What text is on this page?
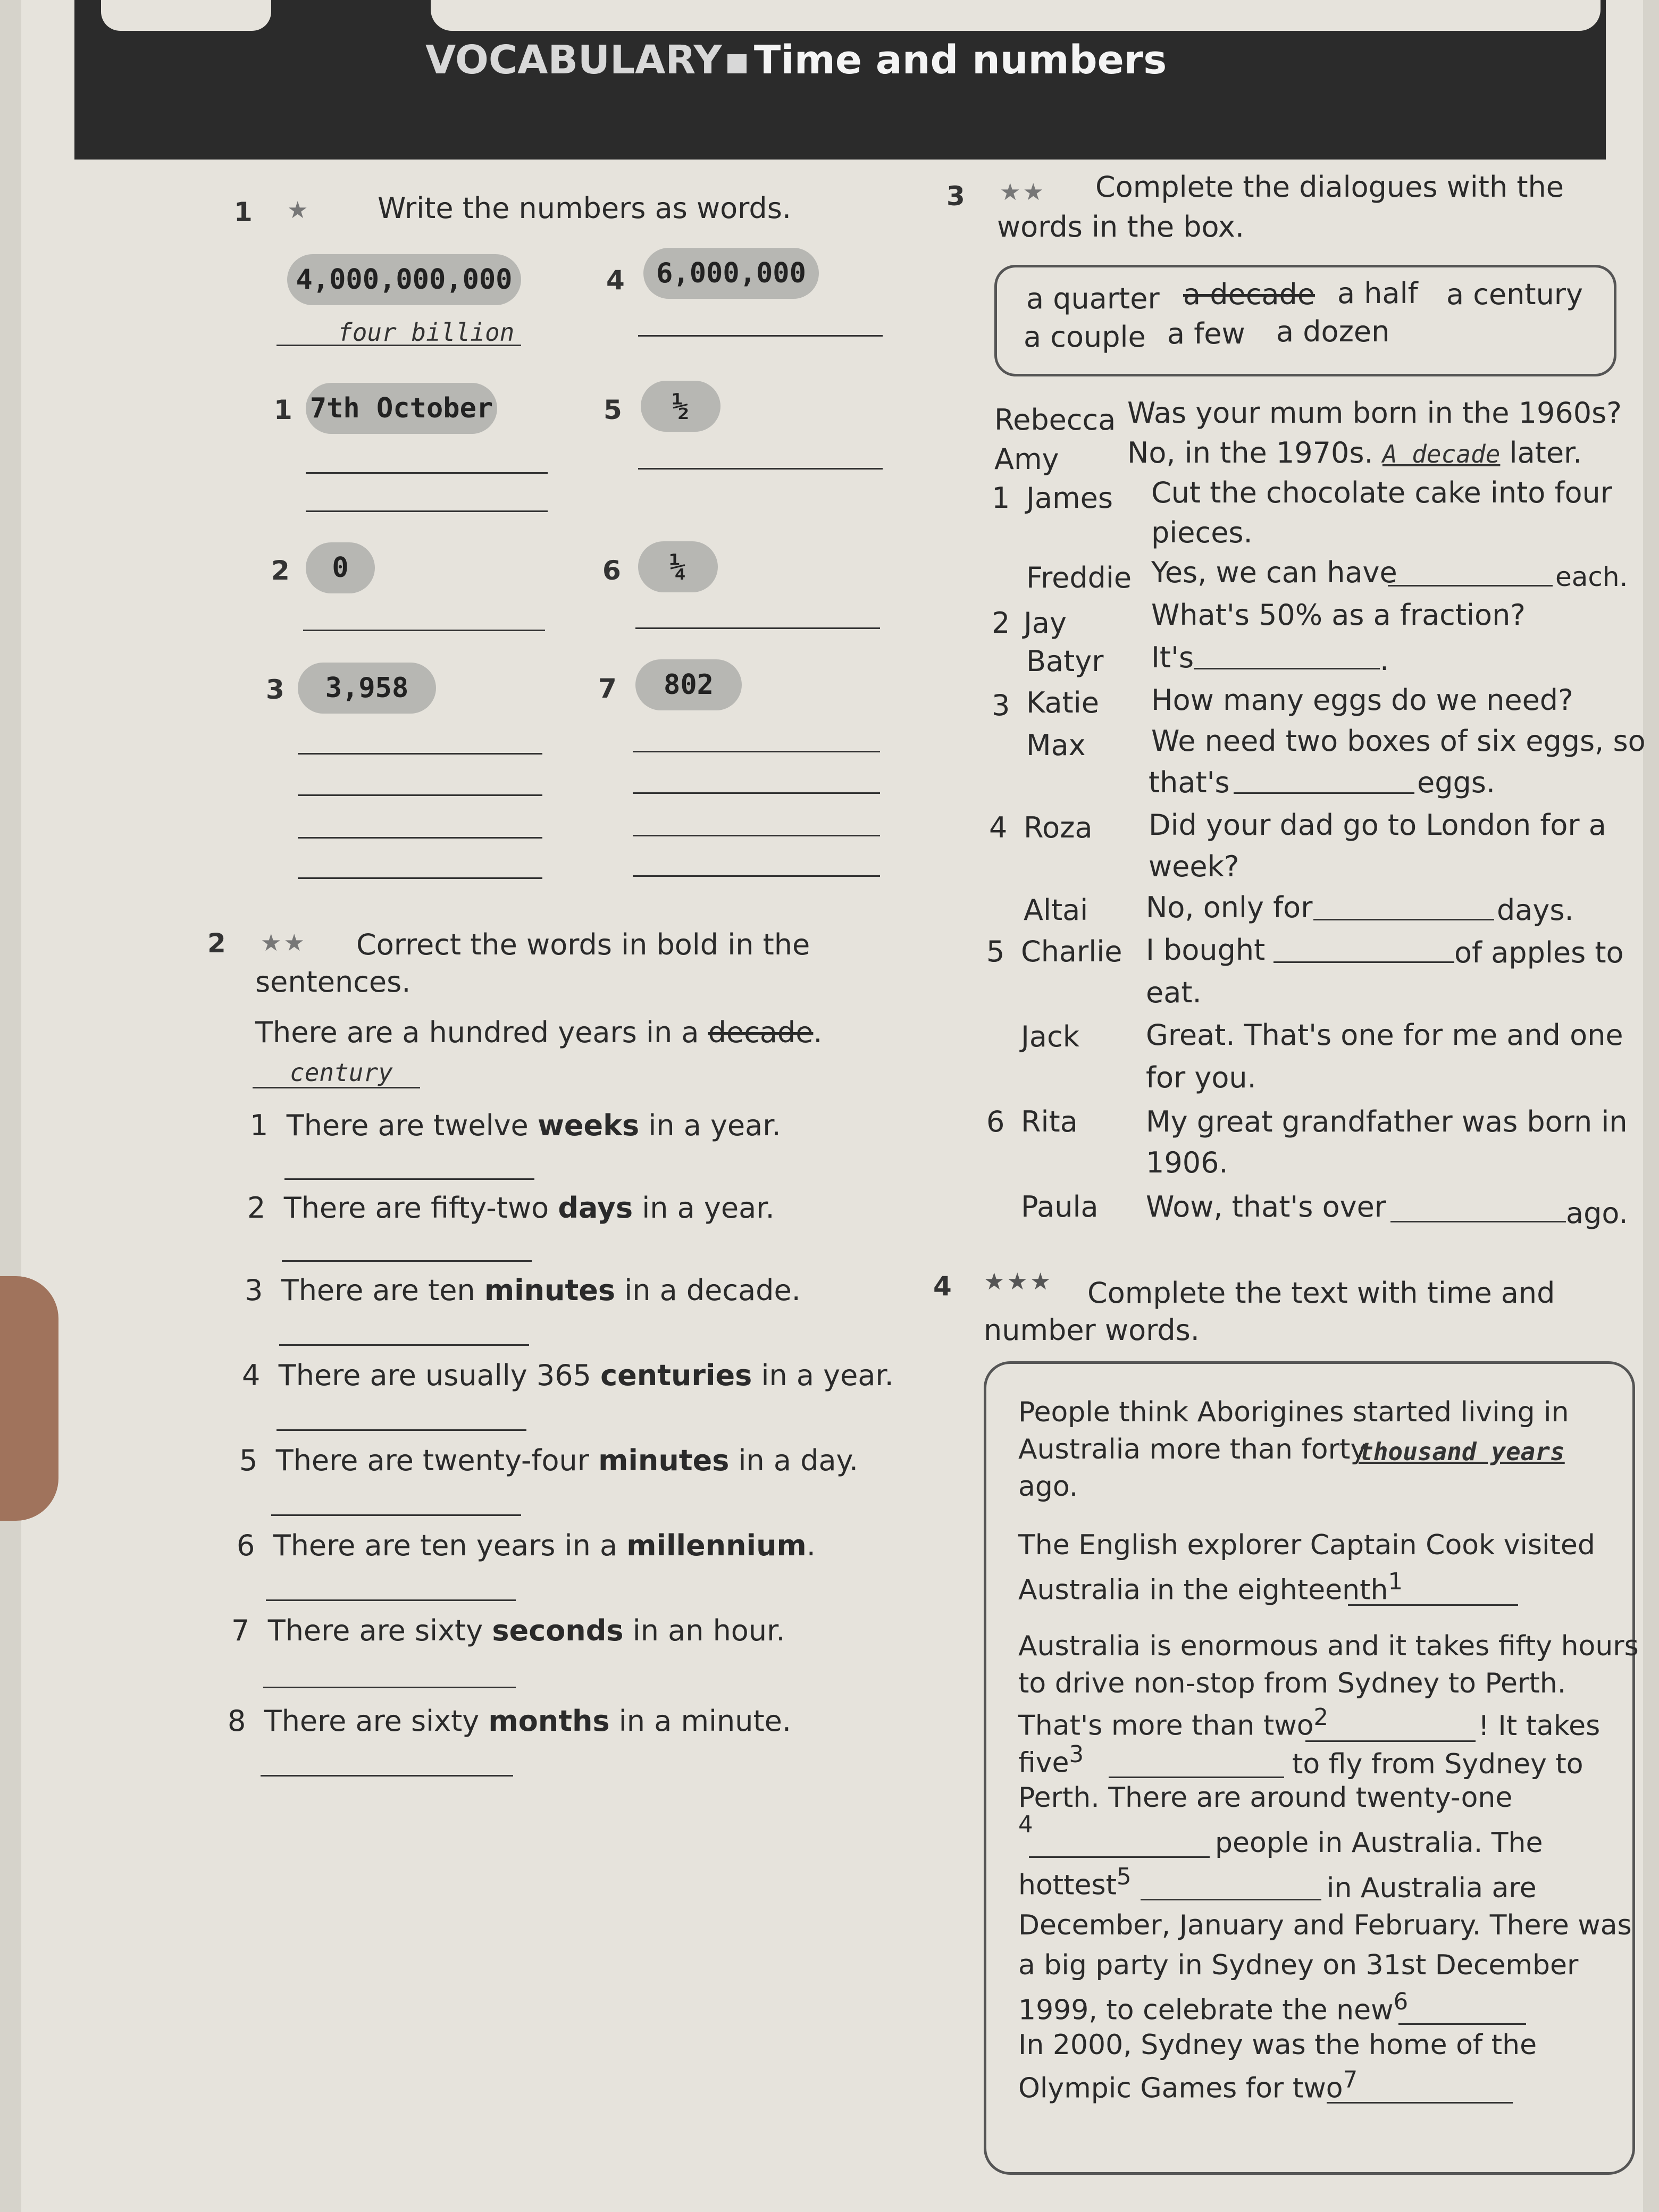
VOCABULARY Time and numbers
1 ★ Write the numbers as words.
4,000,000,000
four billion
4	6,000,000
1 7th October	5	½
2	0	6	¼
3	3,958	7	802
2 ★★ Correct the words in bold in the
sentences.
There are a hundred years in a decade.
century
1 There are twelve weeks in a year.
2 There are fifty-two days in a year.
3 There are ten minutes in a decade.
4 There are usually 365 centuries in a year.
5 There are twenty-four minutes in a day.
6 There are ten years in a millennium.
7 There are sixty seconds in an hour.
8 There are sixty months in a minute.
3 ★★ Complete the dialogues with the
words in the box.
a quarter a decade a half a century
a couple a few a dozen
Rebecca Was your mum born in the 1960s?
Amy No, in the 1970s. A decade later.
1 James Cut the chocolate cake into four
pieces.
Freddie Yes, we can have	each.
2 Jay	What's 50% as a fraction?
Batyr It's	.
3 Katie How many eggs do we need?
Max We need two boxes of six eggs, so
that's	eggs.
4 Roza Did your dad go to London for a
week?
Altai No, only for	days.
5 Charlie I bought	of apples to
eat.
Jack Great. That's one for me and one
for you.
6 Rita My great grandfather was born in
1906.
Paula Wow, that's over	ago.
4 ★★★ Complete the text with time and
number words.
People think Aborigines started living in
Australia more than forty
thousand years
ago.
The English explorer Captain Cook visited
Australia in the eighteenth$^1$
Australia is enormous and it takes fifty hours
to drive non-stop from Sydney to Perth.
That's more than two$^2$	! It takes
five$^3$	to fly from Sydney to
Perth. There are around twenty-one
$^4$
people in Australia. The
hottest$^5$	in Australia are
December, January and February. There was
a big party in Sydney on 31st December
1999, to celebrate the new$^6$
In 2000, Sydney was the home of the
Olympic Games for two$^7$
